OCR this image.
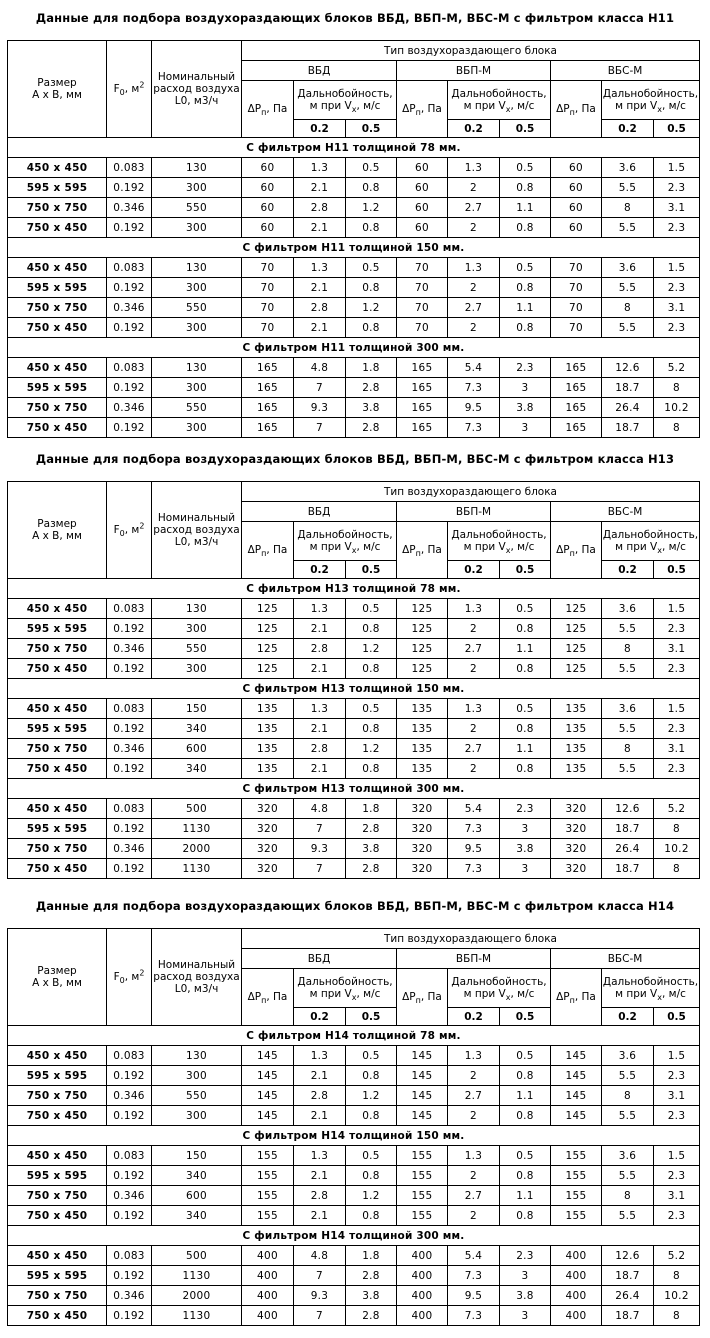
Данные для подбора воздухораздающих блоков ВБД, ВБП-М, ВБС-М с фильтром класса H11
Данные для подбора воздухораздающих блоков ВБД, ВБП-М, ВБС-М с фильтром класса H13
Данные для подбора воздухораздающих блоков ВБД, ВБП-М, ВБС-М с фильтром класса H14
Размер
А х В, мм	$F_0$, $м^2$	Номинальный
расход воздуха
L0, м3/ч	Тип воздухораздающего блока								
			ВБД			ВБП-М			ВБС-М		
			$\Delta P_п$, Па	Дальнобойность,
м при $V_x$, м/с		$\Delta P_п$, Па	Дальнобойность,
м при $V_x$, м/с		$\Delta P_п$, Па	Дальнобойность,
м при $V_x$, м/с	
				0.2	0.5		0.2	0.5		0.2	0.5
С фильтром H11 толщиной 78 мм.											
450 х 450	0.083	130	60	1.3	0.5	60	1.3	0.5	60	3.6	1.5
595 х 595	0.192	300	60	2.1	0.8	60	2	0.8	60	5.5	2.3
750 х 750	0.346	550	60	2.8	1.2	60	2.7	1.1	60	8	3.1
750 х 450	0.192	300	60	2.1	0.8	60	2	0.8	60	5.5	2.3
С фильтром H11 толщиной 150 мм.											
450 х 450	0.083	130	70	1.3	0.5	70	1.3	0.5	70	3.6	1.5
595 х 595	0.192	300	70	2.1	0.8	70	2	0.8	70	5.5	2.3
750 х 750	0.346	550	70	2.8	1.2	70	2.7	1.1	70	8	3.1
750 х 450	0.192	300	70	2.1	0.8	70	2	0.8	70	5.5	2.3
С фильтром H11 толщиной 300 мм.											
450 х 450	0.083	130	165	4.8	1.8	165	5.4	2.3	165	12.6	5.2
595 х 595	0.192	300	165	7	2.8	165	7.3	3	165	18.7	8
750 х 750	0.346	550	165	9.3	3.8	165	9.5	3.8	165	26.4	10.2
750 х 450	0.192	300	165	7	2.8	165	7.3	3	165	18.7	8
Размер
А х В, мм	$F_0$, $м^2$	Номинальный
расход воздуха
L0, м3/ч	Тип воздухораздающего блока								
			ВБД			ВБП-М			ВБС-М		
			$\Delta P_п$, Па	Дальнобойность,
м при $V_x$, м/с		$\Delta P_п$, Па	Дальнобойность,
м при $V_x$, м/с		$\Delta P_п$, Па	Дальнобойность,
м при $V_x$, м/с	
				0.2	0.5		0.2	0.5		0.2	0.5
С фильтром H13 толщиной 78 мм.											
450 х 450	0.083	130	125	1.3	0.5	125	1.3	0.5	125	3.6	1.5
595 х 595	0.192	300	125	2.1	0.8	125	2	0.8	125	5.5	2.3
750 х 750	0.346	550	125	2.8	1.2	125	2.7	1.1	125	8	3.1
750 х 450	0.192	300	125	2.1	0.8	125	2	0.8	125	5.5	2.3
С фильтром H13 толщиной 150 мм.											
450 х 450	0.083	150	135	1.3	0.5	135	1.3	0.5	135	3.6	1.5
595 х 595	0.192	340	135	2.1	0.8	135	2	0.8	135	5.5	2.3
750 х 750	0.346	600	135	2.8	1.2	135	2.7	1.1	135	8	3.1
750 х 450	0.192	340	135	2.1	0.8	135	2	0.8	135	5.5	2.3
С фильтром H13 толщиной 300 мм.											
450 х 450	0.083	500	320	4.8	1.8	320	5.4	2.3	320	12.6	5.2
595 х 595	0.192	1130	320	7	2.8	320	7.3	3	320	18.7	8
750 х 750	0.346	2000	320	9.3	3.8	320	9.5	3.8	320	26.4	10.2
750 х 450	0.192	1130	320	7	2.8	320	7.3	3	320	18.7	8
Размер
А х В, мм	$F_0$, $м^2$	Номинальный
расход воздуха
L0, м3/ч	Тип воздухораздающего блока								
			ВБД			ВБП-М			ВБС-М		
			$\Delta P_п$, Па	Дальнобойность,
м при $V_x$, м/с		$\Delta P_п$, Па	Дальнобойность,
м при $V_x$, м/с		$\Delta P_п$, Па	Дальнобойность,
м при $V_x$, м/с	
				0.2	0.5		0.2	0.5		0.2	0.5
С фильтром H14 толщиной 78 мм.											
450 х 450	0.083	130	145	1.3	0.5	145	1.3	0.5	145	3.6	1.5
595 х 595	0.192	300	145	2.1	0.8	145	2	0.8	145	5.5	2.3
750 х 750	0.346	550	145	2.8	1.2	145	2.7	1.1	145	8	3.1
750 х 450	0.192	300	145	2.1	0.8	145	2	0.8	145	5.5	2.3
С фильтром H14 толщиной 150 мм.											
450 х 450	0.083	150	155	1.3	0.5	155	1.3	0.5	155	3.6	1.5
595 х 595	0.192	340	155	2.1	0.8	155	2	0.8	155	5.5	2.3
750 х 750	0.346	600	155	2.8	1.2	155	2.7	1.1	155	8	3.1
750 х 450	0.192	340	155	2.1	0.8	155	2	0.8	155	5.5	2.3
С фильтром H14 толщиной 300 мм.											
450 х 450	0.083	500	400	4.8	1.8	400	5.4	2.3	400	12.6	5.2
595 х 595	0.192	1130	400	7	2.8	400	7.3	3	400	18.7	8
750 х 750	0.346	2000	400	9.3	3.8	400	9.5	3.8	400	26.4	10.2
750 х 450	0.192	1130	400	7	2.8	400	7.3	3	400	18.7	8
